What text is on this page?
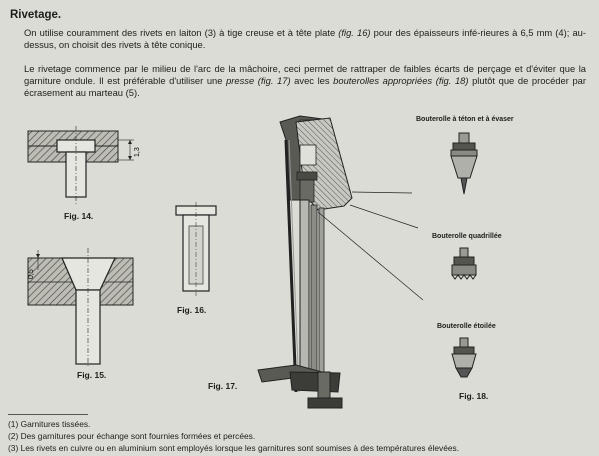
Rivetage.
On utilise couramment des rivets en laiton (3) à tige creuse et à tête plate (fig. 16) pour des épaisseurs infé-rieures à 6,5 mm (4); au-dessus, on choisit des rivets à tête conique.
Le rivetage commence par le milieu de l'arc de la mâchoire, ceci permet de rattraper de faibles écarts de perçage et d'éviter que la garniture ondule. Il est préférable d'utiliser une presse (fig. 17) avec les bouterolles appropriées (fig. 18) plutôt que de procéder par écrasement au marteau (5).
1,3
0,5
Fig. 14.
Fig. 15.
Fig. 16.
Fig. 17.
Fig. 18.
Bouterolle à téton et à évaser
Bouterolle quadrillée
Bouterolle étoilée
(1) Garnitures tissées.
(2) Des garnitures pour échange sont fournies formées et percées.
(3) Les rivets en cuivre ou en aluminium sont employés lorsque les garnitures sont soumises à des températures élevées.
